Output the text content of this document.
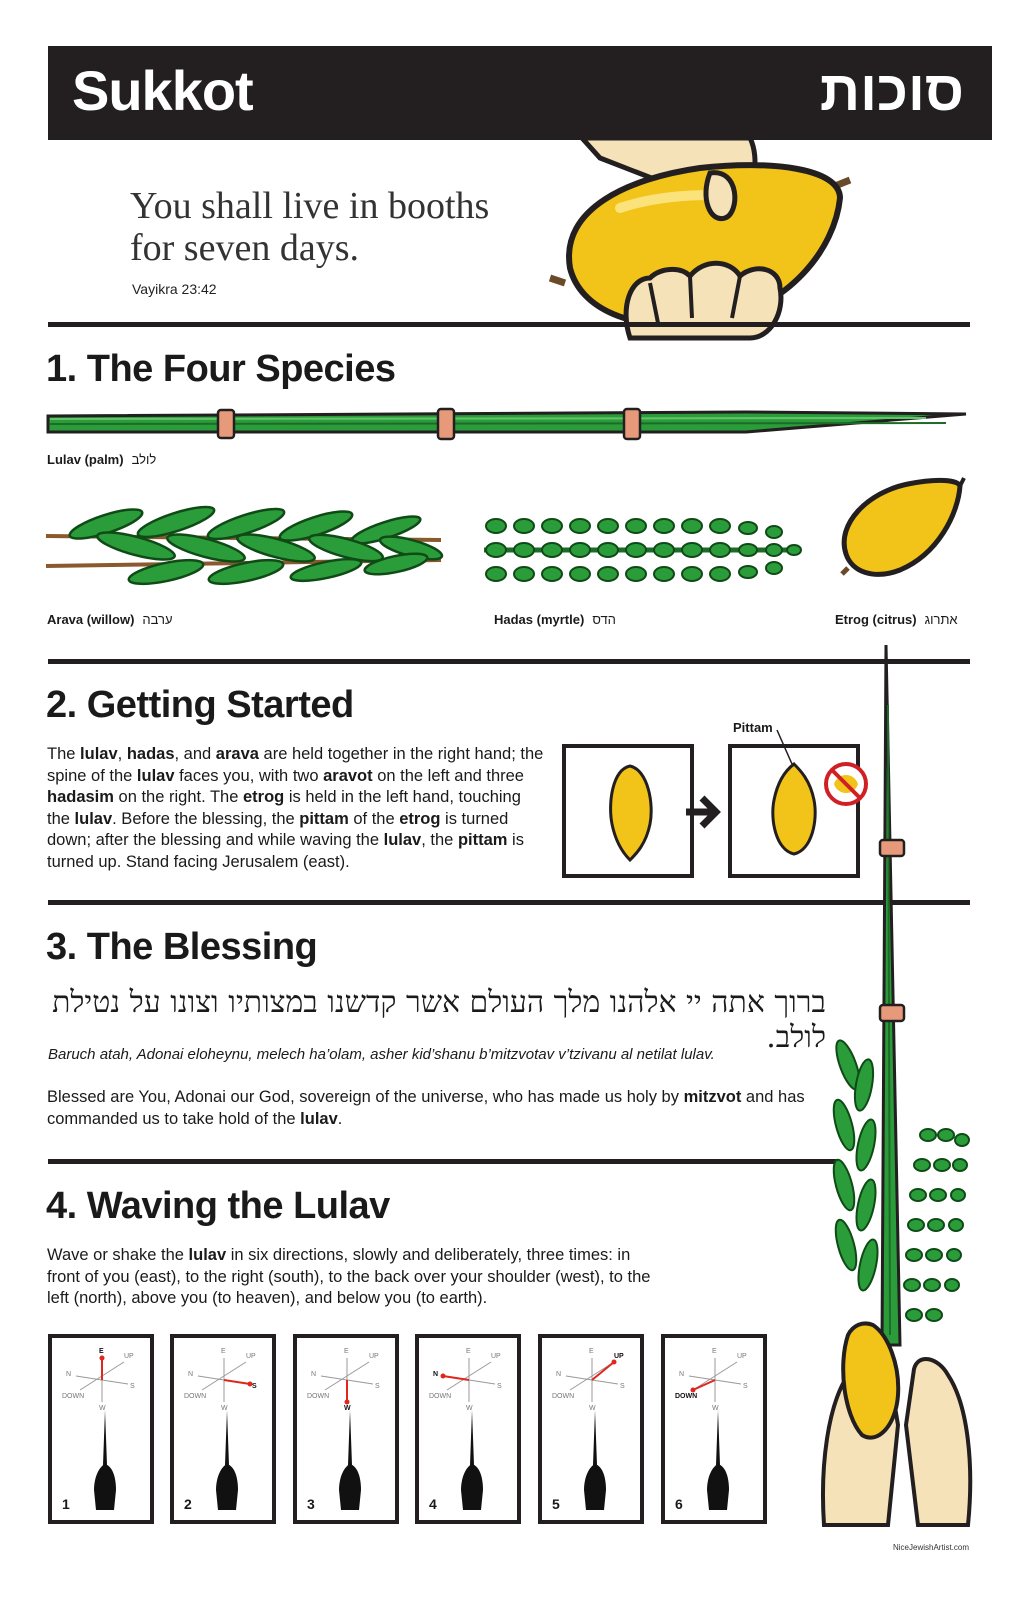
Sukkot	סוכות
You shall live in booths
for seven days.
Vayikra 23:42
1. The Four Species
Lulav (palm) לולב
Arava (willow) ערבה	Hadas (myrtle) הדס	Etrog (citrus) אתרוג
2. Getting Started
The lulav, hadas, and arava are held together in the right hand; the spine of the lulav faces you, with two aravot on the left and three hadasim on the right. The etrog is held in the left hand, touching the lulav. Before the blessing, the pittam of the etrog is turned down; after the blessing and while waving the lulav, the pittam is turned up. Stand facing Jerusalem (east).
Pittam
3. The Blessing
ברוך אתה יי אלהנו מלך העולם אשר קדשנו במצותיו וצונו על נטילת לולב.
Baruch atah, Adonai eloheynu, melech ha’olam, asher kid’shanu b’mitzvotav v’tzivanu al netilat lulav.
Blessed are You, Adonai our God, sovereign of the universe, who has made us holy by mitzvot and has commanded us to take hold of the lulav.
4. Waving the Lulav
Wave or shake the lulav in six directions, slowly and deliberately, three times: in front of you (east), to the right (south), to the back over your shoulder (west), to the left (north), above you (to heaven), and below you (to earth).
E
W
N
S
UP
DOWN
1
E
W
N
S
UP
DOWN
2
E
W
N
S
UP
DOWN
3
E
W
N
S
UP
DOWN
4
E
W
N
S
UP
DOWN
5
E
W
N
S
UP
DOWN
6
NiceJewishArtist.com
